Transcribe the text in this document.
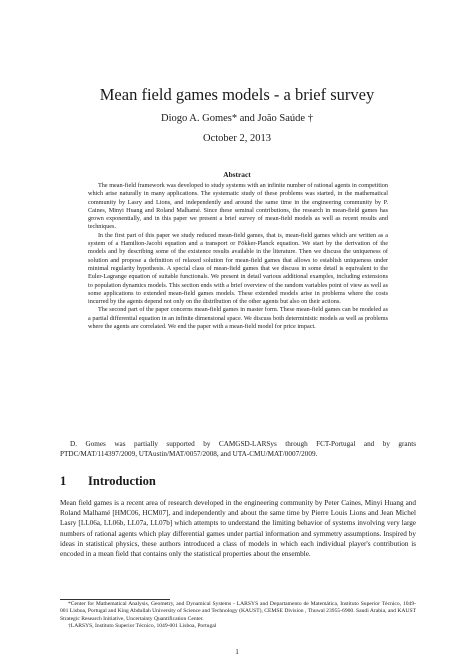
Mean field games models - a brief survey
Diogo A. Gomes* and João Saúde †
October 2, 2013
Abstract

The mean-field framework was developed to study systems with an infinite number of rational agents in competition which arise naturally in many applications. The systematic study of these problems was started, in the mathematical community by Lasry and Lions, and independently and around the same time in the engineering community by P. Caines, Minyi Huang and Roland Malhamé. Since these seminal contributions, the research in mean-field games has grown exponentially, and in this paper we present a brief survey of mean-field models as well as recent results and techniques.

In the first part of this paper we study reduced mean-field games, that is, mean-field games which are written as a system of a Hamilton-Jacobi equation and a transport or Fökker-Planck equation. We start by the derivation of the models and by describing some of the existence results available in the literature. Then we discuss the uniqueness of solution and propose a definition of relaxed solution for mean-field games that allows to establish uniqueness under minimal regularity hypothesis. A special class of mean-field games that we discuss in some detail is equivalent to the Euler-Lagrange equation of suitable functionals. We present in detail various additional examples, including extensions to population dynamics models. This section ends with a brief overview of the random variables point of view as well as some applications to extended mean-field games models. These extended models arise in problems where the costs incurred by the agents depend not only on the distribution of the other agents but also on their actions.

The second part of the paper concerns mean-field games in master form. These mean-field games can be modeled as a partial differential equation in an infinite dimensional space. We discuss both deterministic models as well as problems where the agents are correlated. We end the paper with a mean-field model for price impact.

D. Gomes was partially supported by CAMGSD-LARSys through FCT-Portugal and by grants PTDC/MAT/114397/2009, UTAustin/MAT/0057/2008, and UTA-CMU/MAT/0007/2009.

1 Introduction

Mean field games is a recent area of research developed in the engineering community by Peter Caines, Minyi Huang and Roland Malhamé [HMC06, HCM07], and independently and about the same time by Pierre Louis Lions and Jean Michel Lasry [LL06a, LL06b, LL07a, LL07b] which attempts to understand the limiting behavior of systems involving very large numbers of rational agents which play differential games under partial information and symmetry assumptions. Inspired by ideas in statistical physics, these authors introduced a class of models in which each individual player's contribution is encoded in a mean field that contains only the statistical properties about the ensemble.

*Center for Mathematical Analysis, Geometry, and Dynamical Systems - LARSYS and Departamento de Matemática, Instituto Superior Técnico, 1049-001 Lisboa, Portugal and King Abdullah University of Science and Technology (KAUST), CEMSE Division , Thuwal 23955-6900. Saudi Arabia, and KAUST Strategic Research Initiative, Uncertainty Quantification Center.

†LARSYS, Instituto Superior Técnico, 1049-001 Lisboa, Portugal

1
